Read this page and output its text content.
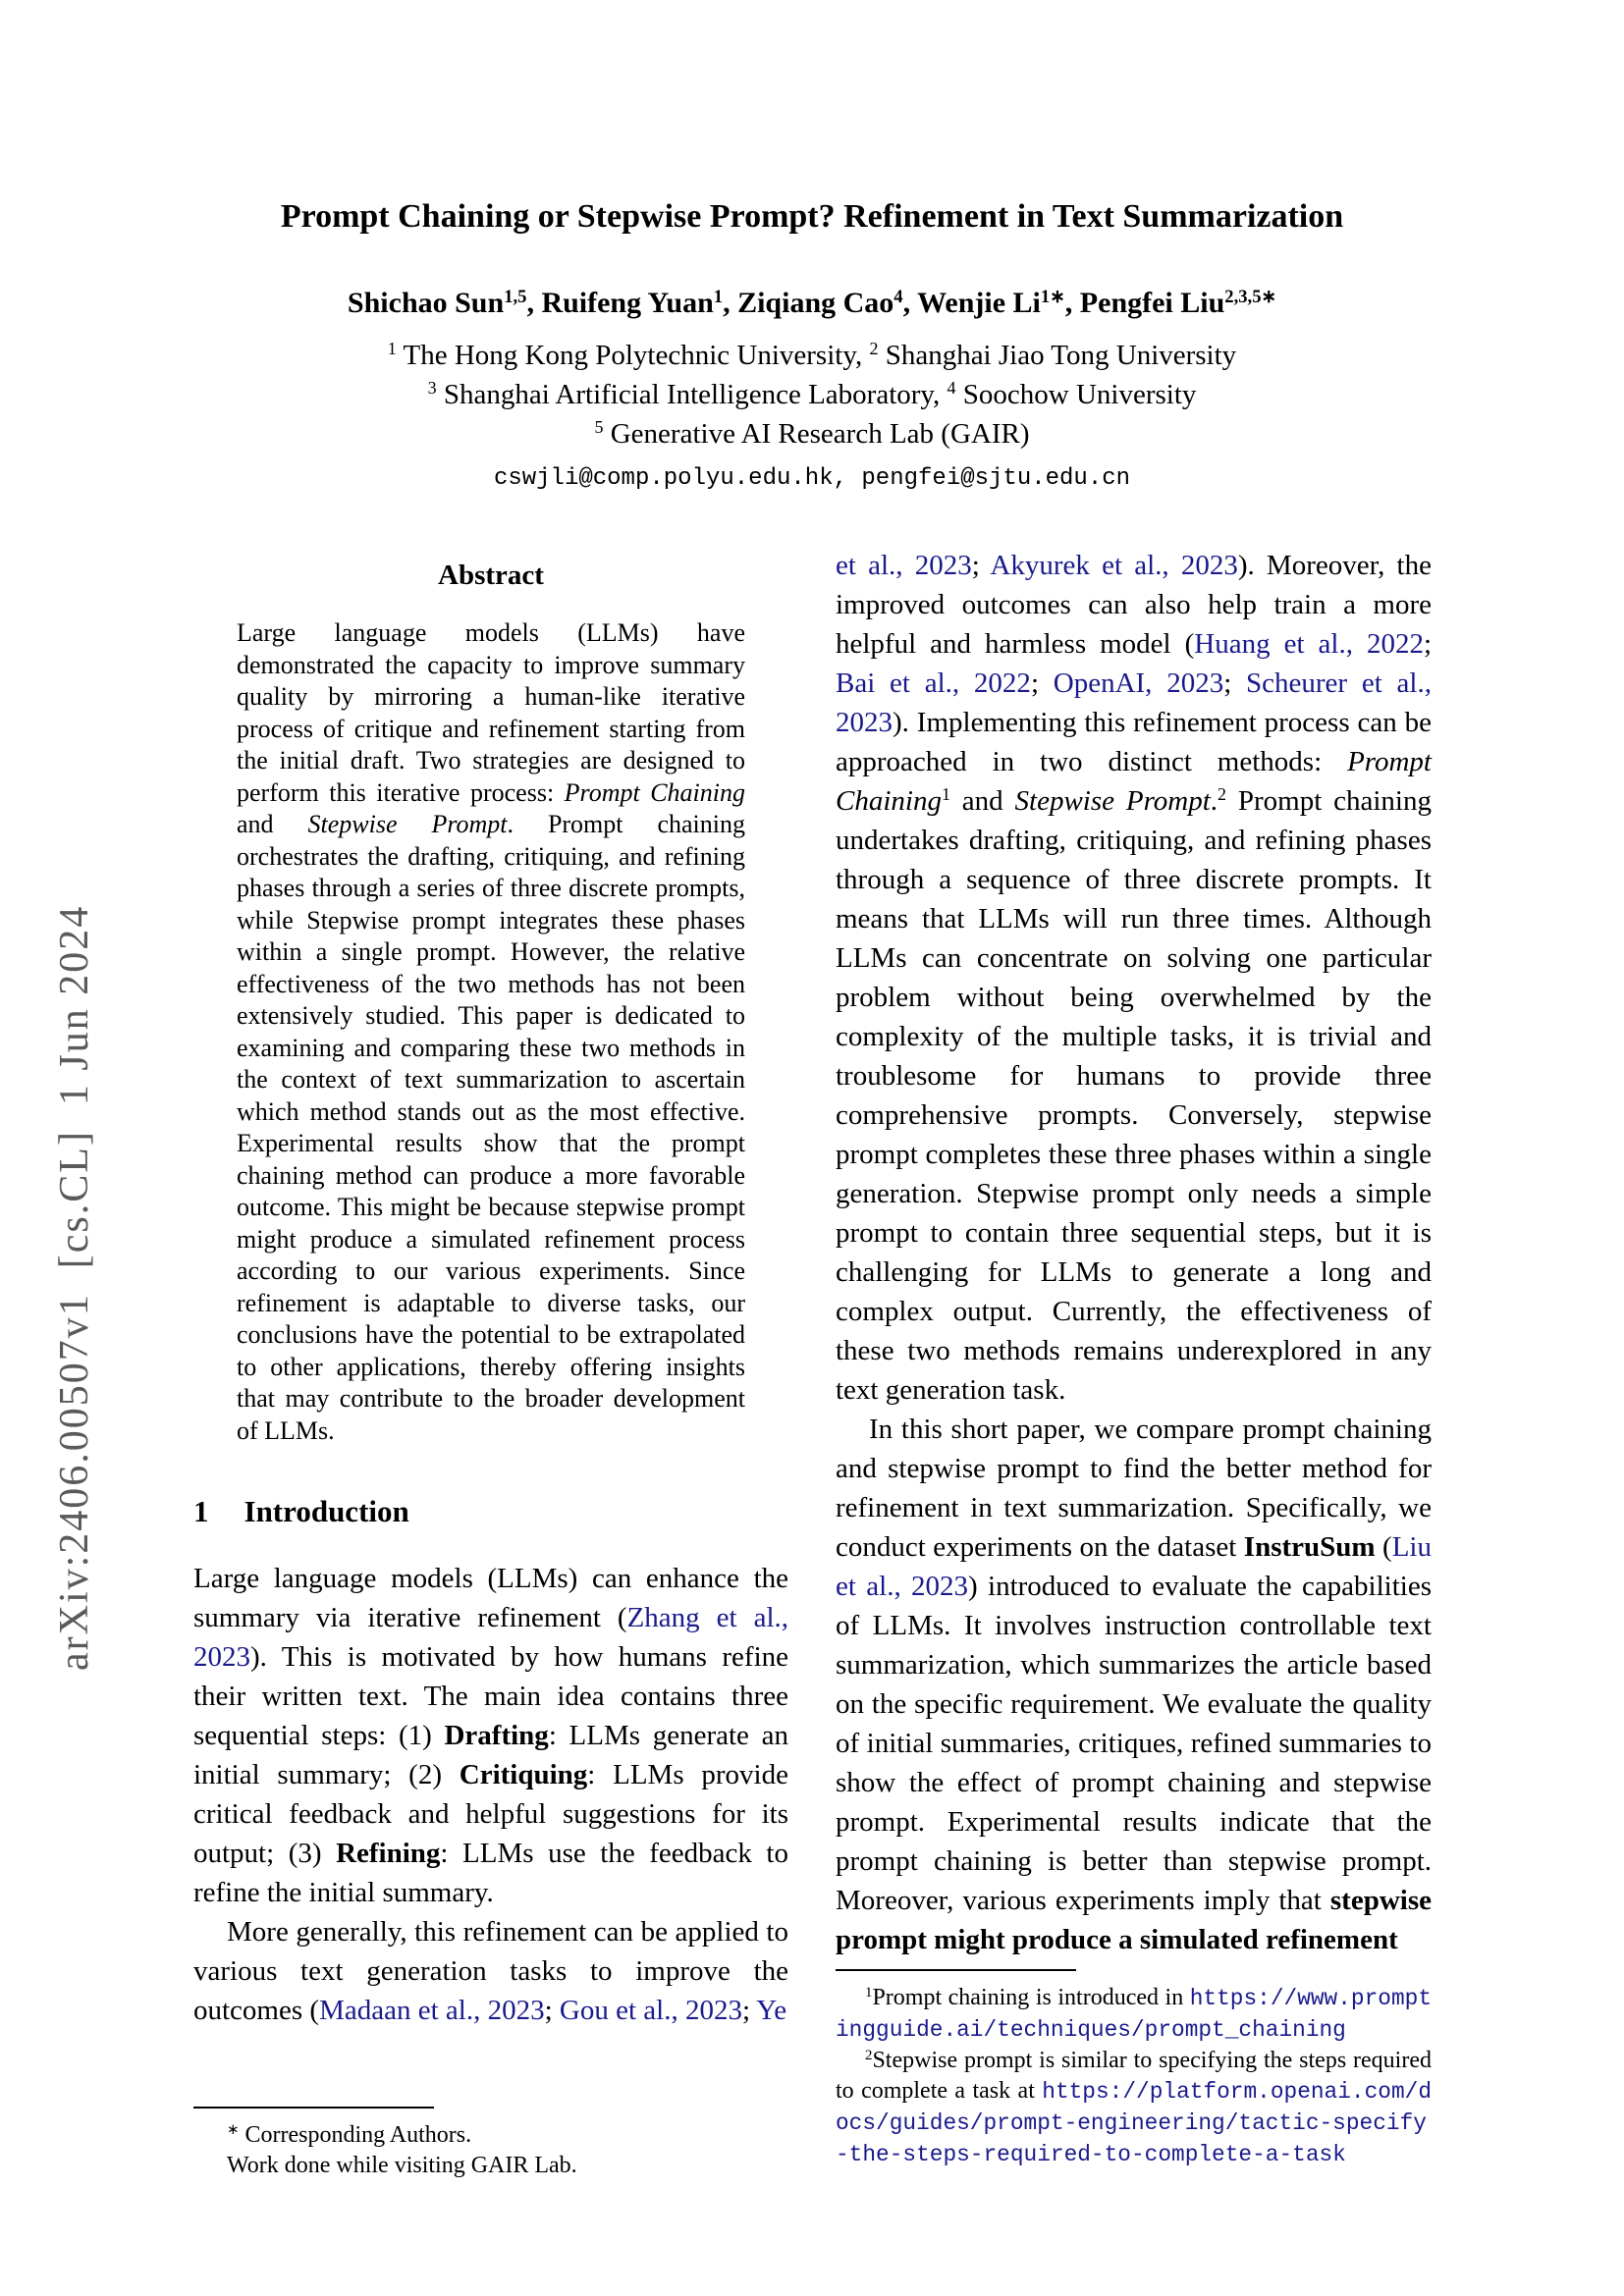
arXiv:2406.00507v1  [cs.CL]  1 Jun 2024
Prompt Chaining or Stepwise Prompt? Refinement in Text Summarization
Shichao Sun$^{1,5}$, Ruifeng Yuan$^1$, Ziqiang Cao$^4$, Wenjie $Li^{1∗}$, Pengfei Liu$^{2,3,5∗}$
$^1$ The Hong Kong Polytechnic University, $^2$ Shanghai Jiao Tong University
$^3$ Shanghai Artificial Intelligence Laboratory, $^4$ Soochow University
$^5$ Generative AI Research Lab (GAIR)
cswjli@comp.polyu.edu.hk, pengfei@sjtu.edu.cn
Abstract

Large language models (LLMs) have demonstrated the capacity to improve summary quality by mirroring a human-like iterative process of critique and refinement starting from the initial draft. Two strategies are designed to perform this iterative process: Prompt Chaining and Stepwise Prompt. Prompt chaining orchestrates the drafting, critiquing, and refining phases through a series of three discrete prompts, while Stepwise prompt integrates these phases within a single prompt. However, the relative effectiveness of the two methods has not been extensively studied. This paper is dedicated to examining and comparing these two methods in the context of text summarization to ascertain which method stands out as the most effective. Experimental results show that the prompt chaining method can produce a more favorable outcome. This might be because stepwise prompt might produce a simulated refinement process according to our various experiments. Since refinement is adaptable to diverse tasks, our conclusions have the potential to be extrapolated to other applications, thereby offering insights that may contribute to the broader development of LLMs.

1 Introduction

Large language models (LLMs) can enhance the summary via iterative refinement (Zhang et al., 2023). This is motivated by how humans refine their written text. The main idea contains three sequential steps: (1) Drafting: LLMs generate an initial summary; (2) Critiquing: LLMs provide critical feedback and helpful suggestions for its output; (3) Refining: LLMs use the feedback to refine the initial summary.

More generally, this refinement can be applied to various text generation tasks to improve the outcomes (Madaan et al., 2023; Gou et al., 2023; Ye

et al., 2023; Akyurek et al., 2023). Moreover, the improved outcomes can also help train a more helpful and harmless model (Huang et al., 2022; Bai et al., 2022; OpenAI, 2023; Scheurer et al., 2023). Implementing this refinement process can be approached in two distinct methods: Prompt Chaining$^1$ and Stepwise Prompt.$^2$ Prompt chaining undertakes drafting, critiquing, and refining phases through a sequence of three discrete prompts. It means that LLMs will run three times. Although LLMs can concentrate on solving one particular problem without being overwhelmed by the complexity of the multiple tasks, it is trivial and troublesome for humans to provide three comprehensive prompts. Conversely, stepwise prompt completes these three phases within a single generation. Stepwise prompt only needs a simple prompt to contain three sequential steps, but it is challenging for LLMs to generate a long and complex output. Currently, the effectiveness of these two methods remains underexplored in any text generation task.

In this short paper, we compare prompt chaining and stepwise prompt to find the better method for refinement in text summarization. Specifically, we conduct experiments on the dataset InstruSum (Liu et al., 2023) introduced to evaluate the capabilities of LLMs. It involves instruction controllable text summarization, which summarizes the article based on the specific requirement. We evaluate the quality of initial summaries, critiques, refined summaries to show the effect of prompt chaining and stepwise prompt. Experimental results indicate that the prompt chaining is better than stepwise prompt. Moreover, various experiments imply that stepwise prompt might produce a simulated refinement

∗ Corresponding Authors.
Work done while visiting GAIR Lab.
$^1$Prompt chaining is introduced in https://www.promptingguide.ai/techniques/prompt_chaining
$^2$Stepwise prompt is similar to specifying the steps required to complete a task at https://platform.openai.com/docs/guides/prompt-engineering/tactic-specify-the-steps-required-to-complete-a-task
